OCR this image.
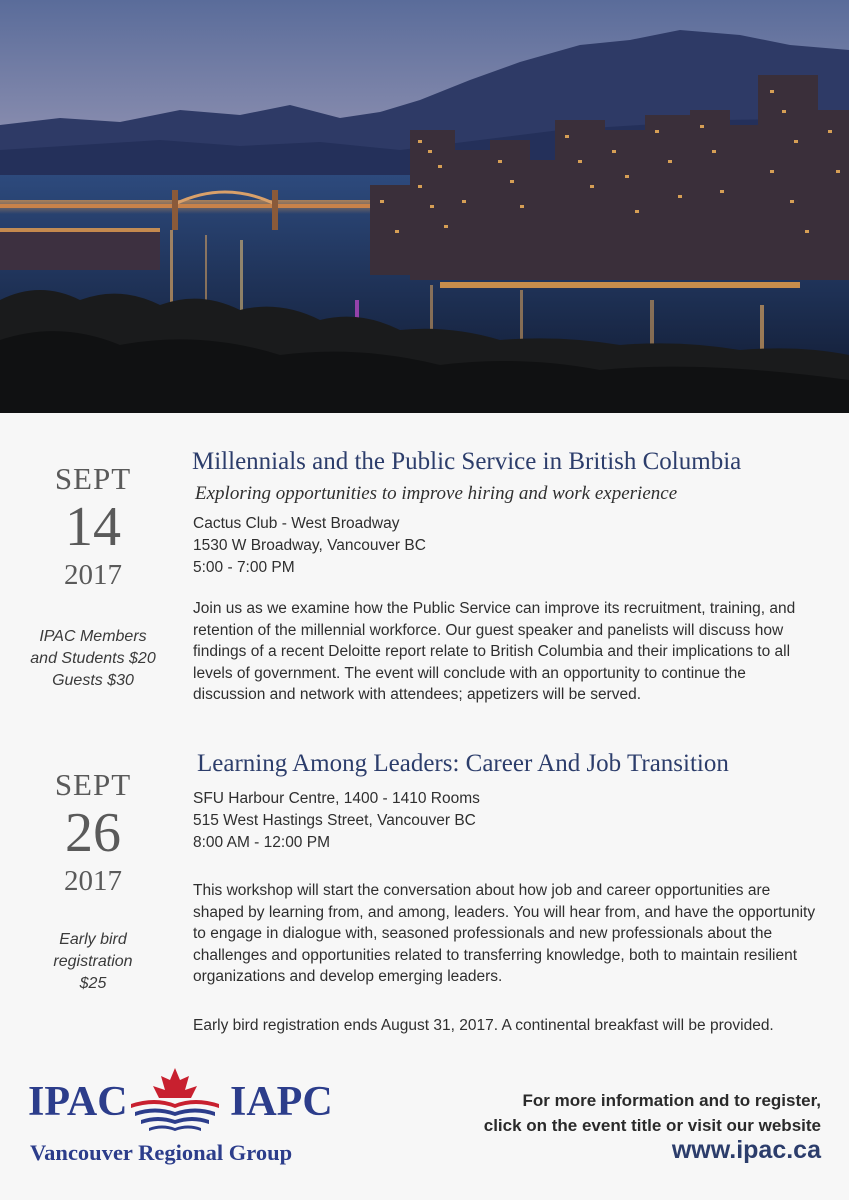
SEPT
14
2017
IPAC Members
and Students $20
Guests $30
Millennials and the Public Service in British Columbia
Exploring opportunities to improve hiring and work experience
Cactus Club - West Broadway
1530 W Broadway, Vancouver BC
5:00 - 7:00 PM
Join us as we examine how the Public Service can improve its recruitment, training, and retention of the millennial workforce. Our guest speaker and panelists will discuss how findings of a recent Deloitte report relate to British Columbia and their implications to all levels of government. The event will conclude with an opportunity to continue the discussion and network with attendees; appetizers will be served.
SEPT
26
2017
Early bird
registration
$25
Learning Among Leaders: Career And Job Transition
SFU Harbour Centre, 1400 - 1410 Rooms
515 West Hastings Street, Vancouver BC
8:00 AM - 12:00 PM
This workshop will start the conversation about how job and career opportunities are shaped by learning from, and among, leaders. You will hear from, and have the opportunity to engage in dialogue with, seasoned professionals and new professionals about the challenges and opportunities related to transferring knowledge, both to maintain resilient organizations and develop emerging leaders.
Early bird registration ends August 31, 2017. A continental breakfast will be provided.
IPAC IAPC
Vancouver Regional Group
For more information and to register,
click on the event title or visit our website
www.ipac.ca
